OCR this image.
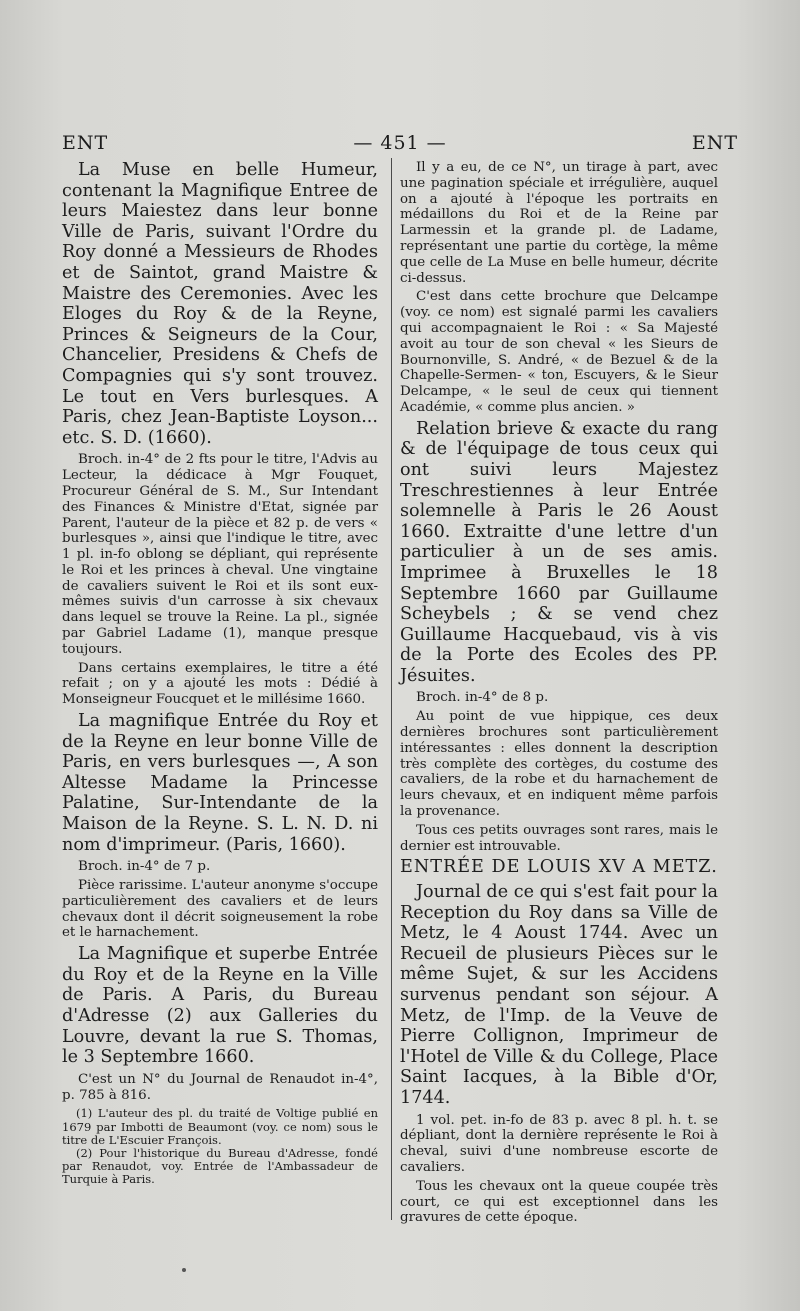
ENT	— 451 —	ENT

La Muse en belle Humeur, contenant la Magnifique Entree de leurs Maiestez dans leur bonne Ville de Paris, suivant l'Ordre du Roy donné a Messieurs de Rhodes et de Saintot, grand Maistre & Maistre des Ceremonies. Avec les Eloges du Roy & de la Reyne, Princes & Seigneurs de la Cour, Chancelier, Presidens & Chefs de Compagnies qui s'y sont trouvez. Le tout en Vers burlesques. A Paris, chez Jean-Baptiste Loyson... etc. S. D. (1660).

Broch. in-4° de 2 fts pour le titre, l'Advis au Lecteur, la dédicace à Mgr Fouquet, Procureur Général de S. M., Sur Intendant des Finances & Ministre d'Etat, signée par Parent, l'auteur de la pièce et 82 p. de vers « burlesques », ainsi que l'indique le titre, avec 1 pl. in-fo oblong se dépliant, qui représente le Roi et les princes à cheval. Une vingtaine de cavaliers suivent le Roi et ils sont eux-mêmes suivis d'un carrosse à six chevaux dans lequel se trouve la Reine. La pl., signée par Gabriel Ladame (1), manque presque toujours.

Dans certains exemplaires, le titre a été refait ; on y a ajouté les mots : Dédié à Monseigneur Foucquet et le millésime 1660.

La magnifique Entrée du Roy et de la Reyne en leur bonne Ville de Paris, en vers burlesques —, A son Altesse Madame la Princesse Palatine, Sur-Intendante de la Maison de la Reyne. S. L. N. D. ni nom d'imprimeur. (Paris, 1660).

Broch. in-4° de 7 p.

Pièce rarissime. L'auteur anonyme s'occupe particulièrement des cavaliers et de leurs chevaux dont il décrit soigneusement la robe et le harnachement.

La Magnifique et superbe Entrée du Roy et de la Reyne en la Ville de Paris. A Paris, du Bureau d'Adresse (2) aux Galleries du Louvre, devant la rue S. Thomas, le 3 Septembre 1660.

C'est un N° du Journal de Renaudot in-4°, p. 785 à 816.

(1) L'auteur des pl. du traité de Voltige publié en 1679 par Imbotti de Beaumont (voy. ce nom) sous le titre de L'Escuier François.

(2) Pour l'historique du Bureau d'Adresse, fondé par Renaudot, voy. Entrée de l'Ambassadeur de Turquie à Paris.

Il y a eu, de ce N°, un tirage à part, avec une pagination spéciale et irrégulière, auquel on a ajouté à l'époque les portraits en médaillons du Roi et de la Reine par Larmessin et la grande pl. de Ladame, représentant une partie du cortège, la même que celle de La Muse en belle humeur, décrite ci-dessus.

C'est dans cette brochure que Delcampe (voy. ce nom) est signalé parmi les cavaliers qui accompagnaient le Roi : « Sa Majesté avoit au tour de son cheval « les Sieurs de Bournonville, S. André, « de Bezuel & de la Chapelle-Sermen- « ton, Escuyers, & le Sieur Delcampe, « le seul de ceux qui tiennent Académie, « comme plus ancien. »

Relation brieve & exacte du rang & de l'équipage de tous ceux qui ont suivi leurs Majestez Treschrestiennes à leur Entrée solemnelle à Paris le 26 Aoust 1660. Extraitte d'une lettre d'un particulier à un de ses amis. Imprimee à Bruxelles le 18 Septembre 1660 par Guillaume Scheybels ; & se vend chez Guillaume Hacquebaud, vis à vis de la Porte des Ecoles des PP. Jésuites.

Broch. in-4° de 8 p.

Au point de vue hippique, ces deux dernières brochures sont particulièrement intéressantes : elles donnent la description très complète des cortèges, du costume des cavaliers, de la robe et du harnachement de leurs chevaux, et en indiquent même parfois la provenance.

Tous ces petits ouvrages sont rares, mais le dernier est introuvable.

ENTRÉE DE LOUIS XV A METZ.

Journal de ce qui s'est fait pour la Reception du Roy dans sa Ville de Metz, le 4 Aoust 1744. Avec un Recueil de plusieurs Pièces sur le même Sujet, & sur les Accidens survenus pendant son séjour. A Metz, de l'Imp. de la Veuve de Pierre Collignon, Imprimeur de l'Hotel de Ville & du College, Place Saint Iacques, à la Bible d'Or, 1744.

1 vol. pet. in-fo de 83 p. avec 8 pl. h. t. se dépliant, dont la dernière représente le Roi à cheval, suivi d'une nombreuse escorte de cavaliers.

Tous les chevaux ont la queue coupée très court, ce qui est exceptionnel dans les gravures de cette époque.
